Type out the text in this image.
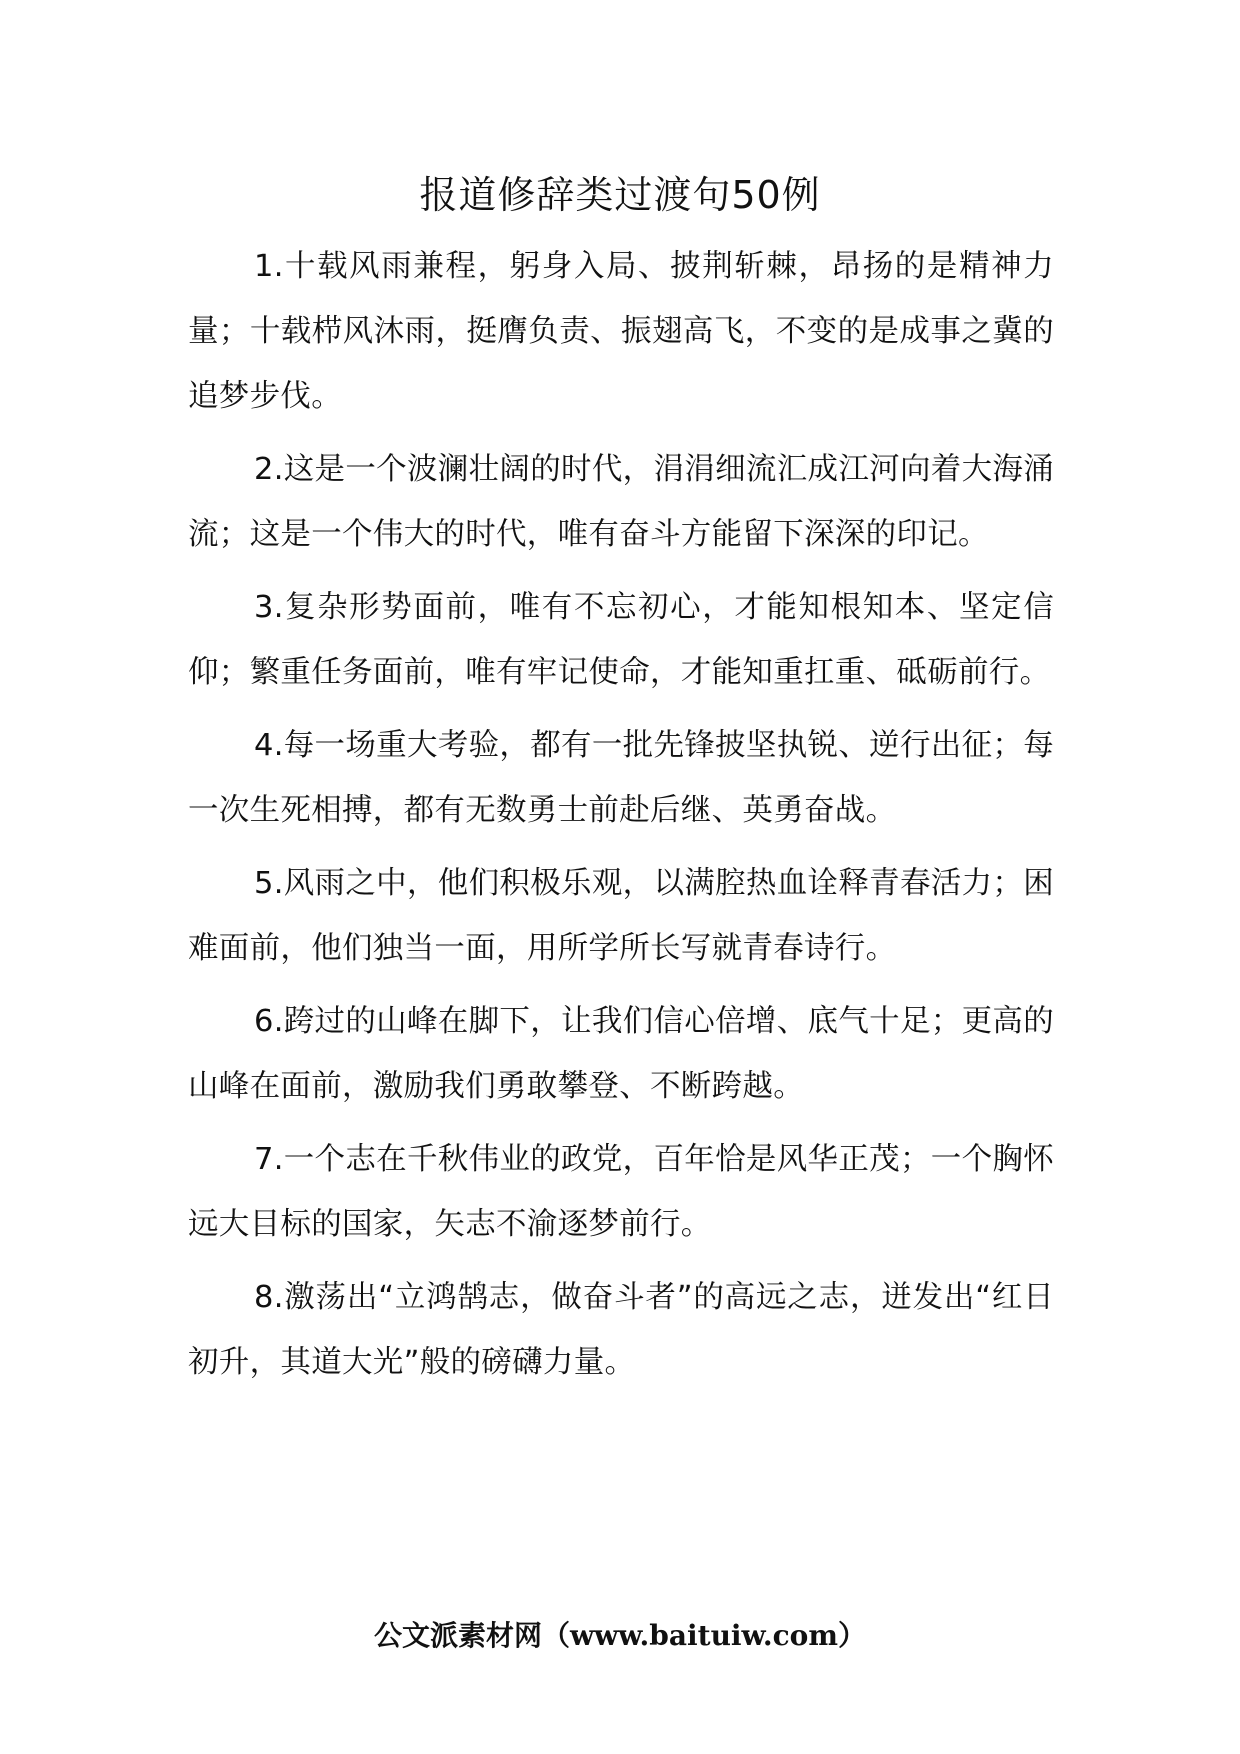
报道修辞类过渡句50例

1.十载风雨兼程，躬身入局、披荆斩棘，昂扬的是精神力量；十载栉风沐雨，挺膺负责、振翅高飞，不变的是成事之冀的追梦步伐。

2.这是一个波澜壮阔的时代，涓涓细流汇成江河向着大海涌流；这是一个伟大的时代，唯有奋斗方能留下深深的印记。

3.复杂形势面前，唯有不忘初心，才能知根知本、坚定信仰；繁重任务面前，唯有牢记使命，才能知重扛重、砥砺前行。

4.每一场重大考验，都有一批先锋披坚执锐、逆行出征；每一次生死相搏，都有无数勇士前赴后继、英勇奋战。

5.风雨之中，他们积极乐观，以满腔热血诠释青春活力；困难面前，他们独当一面，用所学所长写就青春诗行。

6.跨过的山峰在脚下，让我们信心倍增、底气十足；更高的山峰在面前，激励我们勇敢攀登、不断跨越。

7.一个志在千秋伟业的政党，百年恰是风华正茂；一个胸怀远大目标的国家，矢志不渝逐梦前行。

8.激荡出“立鸿鹄志，做奋斗者”的高远之志，迸发出“红日初升，其道大光”般的磅礴力量。

公文派素材网（www.baituiw.com）
